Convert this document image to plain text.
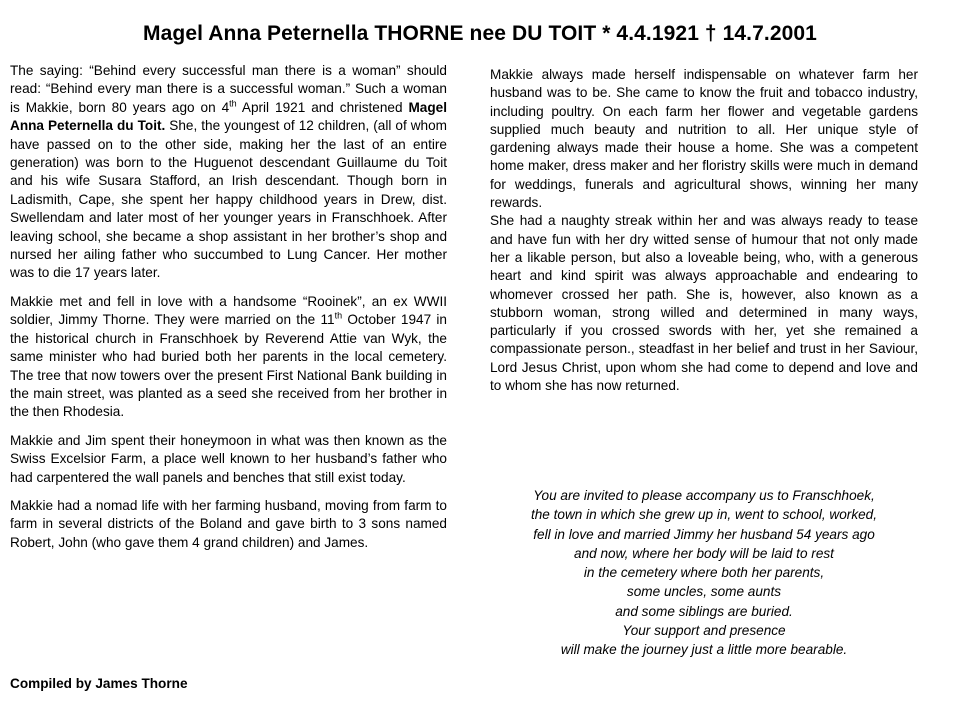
Magel Anna Peternella THORNE nee DU TOIT * 4.4.1921 † 14.7.2001

The saying: “Behind every successful man there is a woman” should read: “Behind every man there is a successful woman.” Such a woman is Makkie, born 80 years ago on 4th April 1921 and christened Magel Anna Peternella du Toit. She, the youngest of 12 children, (all of whom have passed on to the other side, making her the last of an entire generation) was born to the Huguenot descendant Guillaume du Toit and his wife Susara Stafford, an Irish descendant. Though born in Ladismith, Cape, she spent her happy childhood years in Drew, dist. Swellendam and later most of her younger years in Franschhoek. After leaving school, she became a shop assistant in her brother’s shop and nursed her ailing father who succumbed to Lung Cancer. Her mother was to die 17 years later.

Makkie met and fell in love with a handsome “Rooinek”, an ex WWII soldier, Jimmy Thorne. They were married on the 11th October 1947 in the historical church in Franschhoek by Reverend Attie van Wyk, the same minister who had buried both her parents in the local cemetery. The tree that now towers over the present First National Bank building in the main street, was planted as a seed she received from her brother in the then Rhodesia.

Makkie and Jim spent their honeymoon in what was then known as the Swiss Excelsior Farm, a place well known to her husband’s father who had carpentered the wall panels and benches that still exist today.

Makkie had a nomad life with her farming husband, moving from farm to farm in several districts of the Boland and gave birth to 3 sons named Robert, John (who gave them 4 grand children) and James.

Makkie always made herself indispensable on whatever farm her husband was to be. She came to know the fruit and tobacco industry, including poultry. On each farm her flower and vegetable gardens supplied much beauty and nutrition to all. Her unique style of gardening always made their house a home. She was a competent home maker, dress maker and her floristry skills were much in demand for weddings, funerals and agricultural shows, winning her many rewards.

She had a naughty streak within her and was always ready to tease and have fun with her dry witted sense of humour that not only made her a likable person, but also a loveable being, who, with a generous heart and kind spirit was always approachable and endearing to whomever crossed her path. She is, however, also known as a stubborn woman, strong willed and determined in many ways, particularly if you crossed swords with her, yet she remained a compassionate person., steadfast in her belief and trust in her Saviour, Lord Jesus Christ, upon whom she had come to depend and love and to whom she has now returned.

You are invited to please accompany us to Franschhoek,
the town in which she grew up in, went to school, worked,
fell in love and married Jimmy her husband 54 years ago
and now, where her body will be laid to rest
in the cemetery where both her parents,
some uncles, some aunts
and some siblings are buried.
Your support and presence
will make the journey just a little more bearable.
Compiled by James Thorne
